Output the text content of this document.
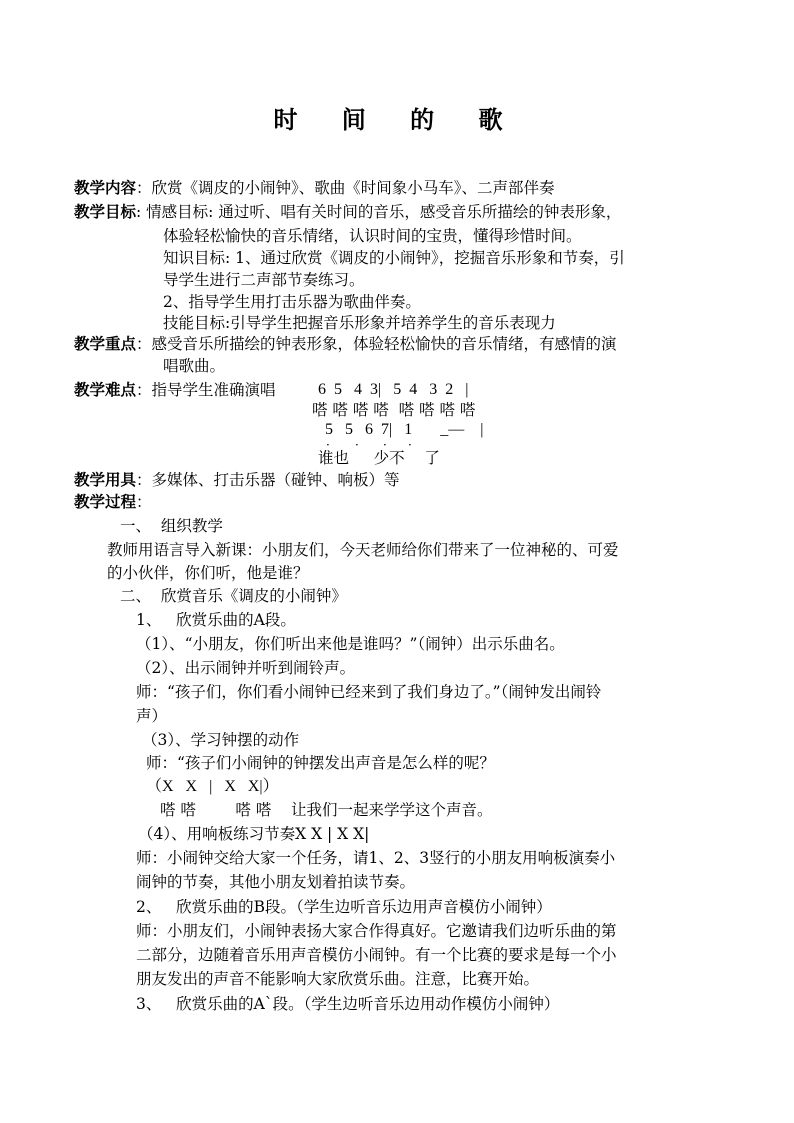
时 间 的 歌
教学内容：欣赏《调皮的小闹钟》、歌曲《时间象小马车》、二声部伴奏
教学目标: 情感目标: 通过听、唱有关时间的音乐，感受音乐所描绘的钟表形象，
体验轻松愉快的音乐情绪，认识时间的宝贵，懂得珍惜时间。
知识目标: 1、通过欣赏《调皮的小闹钟》，挖掘音乐形象和节奏，引
导学生进行二声部节奏练习。
2、指导学生用打击乐器为歌曲伴奏。
技能目标:引导学生把握音乐形象并培养学生的音乐表现力
教学重点：感受音乐所描绘的钟表形象，体验轻松愉快的音乐情绪，有感情的演
唱歌曲。
教学难点：指导学生准确演唱	6  5   4  3|   5  4   3  2   |
嗒 嗒 嗒 嗒  嗒 嗒 嗒 嗒
5   5   6  7|   1       _—    |
· · · ·
谁也     少不    了
教学用具：多媒体、打击乐器（碰钟、响板）等
教学过程：
一、  组织教学
教师用语言导入新课：小朋友们，今天老师给你们带来了一位神秘的、可爱
的小伙伴，你们听，他是谁？
二、  欣赏音乐《调皮的小闹钟》
1、   欣赏乐曲的A段。
（1）、“小朋友，你们听出来他是谁吗？”（闹钟）出示乐曲名。
（2）、出示闹钟并听到闹铃声。
师：“孩子们，你们看小闹钟已经来到了我们身边了。”（闹钟发出闹铃
声）
（3）、学习钟摆的动作
师：“孩子们小闹钟的钟摆发出声音是怎么样的呢？
（X   X   |   X   X|）
嗒 嗒        嗒 嗒    让我们一起来学学这个声音。
（4）、用响板练习节奏X X | X X|
师：小闹钟交给大家一个任务，请1、2、3竖行的小朋友用响板演奏小
闹钟的节奏，其他小朋友划着拍读节奏。
2、   欣赏乐曲的B段。（学生边听音乐边用声音模仿小闹钟）
师：小朋友们，小闹钟表扬大家合作得真好。它邀请我们边听乐曲的第
二部分，边随着音乐用声音模仿小闹钟。有一个比赛的要求是每一个小
朋友发出的声音不能影响大家欣赏乐曲。注意，比赛开始。
3、   欣赏乐曲的A`段。（学生边听音乐边用动作模仿小闹钟）
